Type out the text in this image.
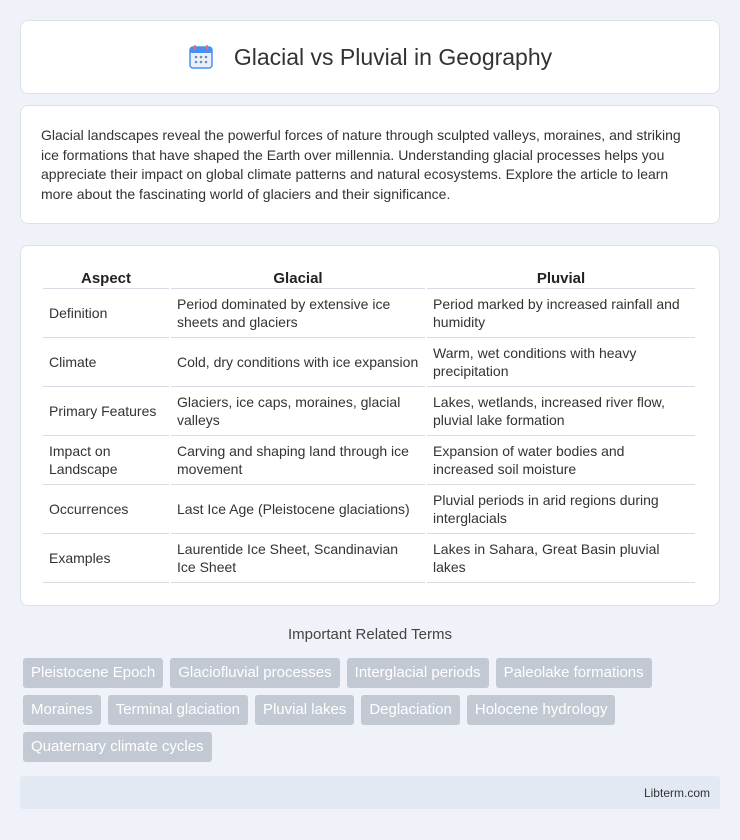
Glacial vs Pluvial in Geography

Glacial landscapes reveal the powerful forces of nature through sculpted valleys, moraines, and striking ice formations that have shaped the Earth over millennia. Understanding glacial processes helps you appreciate their impact on global climate patterns and natural ecosystems. Explore the article to learn more about the fascinating world of glaciers and their significance.

Aspect	Glacial	Pluvial
Definition	Period dominated by extensive ice sheets and glaciers	Period marked by increased rainfall and humidity
Climate	Cold, dry conditions with ice expansion	Warm, wet conditions with heavy precipitation
Primary Features	Glaciers, ice caps, moraines, glacial valleys	Lakes, wetlands, increased river flow, pluvial lake formation
Impact on Landscape	Carving and shaping land through ice movement	Expansion of water bodies and increased soil moisture
Occurrences	Last Ice Age (Pleistocene glaciations)	Pluvial periods in arid regions during interglacials
Examples	Laurentide Ice Sheet, Scandinavian Ice Sheet	Lakes in Sahara, Great Basin pluvial lakes
Important Related Terms
Pleistocene Epoch	Glaciofluvial processes	Interglacial periods	Paleolake formations
Moraines	Terminal glaciation	Pluvial lakes	Deglaciation	Holocene hydrology
Quaternary climate cycles
Libterm.com
